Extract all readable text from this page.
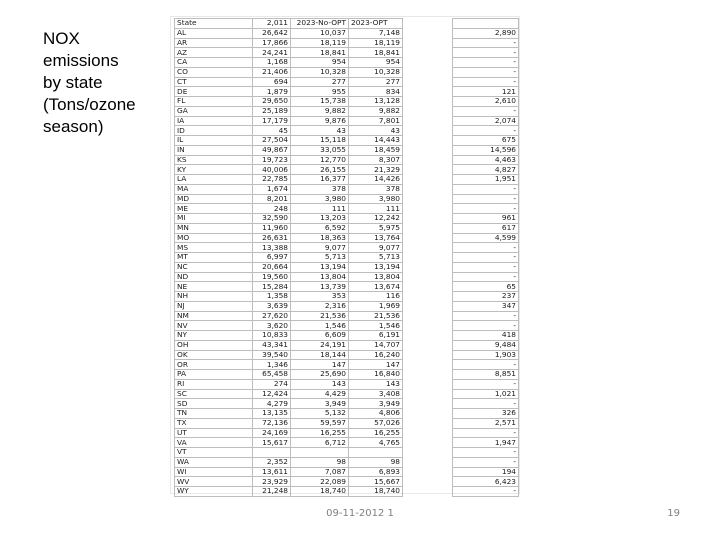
NOX
emissions
by state
(Tons/ozone
season)
State	2,011	2023-No-OPT	2023-OPT		
AL	26,642	10,037	7,148		2,890
AR	17,866	18,119	18,119		-
AZ	24,241	18,841	18,841		-
CA	1,168	954	954		-
CO	21,406	10,328	10,328		-
CT	694	277	277		-
DE	1,879	955	834		121
FL	29,650	15,738	13,128		2,610
GA	25,189	9,882	9,882		-
IA	17,179	9,876	7,801		2,074
ID	45	43	43		-
IL	27,504	15,118	14,443		675
IN	49,867	33,055	18,459		14,596
KS	19,723	12,770	8,307		4,463
KY	40,006	26,155	21,329		4,827
LA	22,785	16,377	14,426		1,951
MA	1,674	378	378		-
MD	8,201	3,980	3,980		-
ME	248	111	111		-
MI	32,590	13,203	12,242		961
MN	11,960	6,592	5,975		617
MO	26,631	18,363	13,764		4,599
MS	13,388	9,077	9,077		-
MT	6,997	5,713	5,713		-
NC	20,664	13,194	13,194		-
ND	19,560	13,804	13,804		-
NE	15,284	13,739	13,674		65
NH	1,358	353	116		237
NJ	3,639	2,316	1,969		347
NM	27,620	21,536	21,536		-
NV	3,620	1,546	1,546		-
NY	10,833	6,609	6,191		418
OH	43,341	24,191	14,707		9,484
OK	39,540	18,144	16,240		1,903
OR	1,346	147	147		-
PA	65,458	25,690	16,840		8,851
RI	274	143	143		-
SC	12,424	4,429	3,408		1,021
SD	4,279	3,949	3,949		-
TN	13,135	5,132	4,806		326
TX	72,136	59,597	57,026		2,571
UT	24,169	16,255	16,255		-
VA	15,617	6,712	4,765		1,947
VT					-
WA	2,352	98	98		-
WI	13,611	7,087	6,893		194
WV	23,929	22,089	15,667		6,423
WY	21,248	18,740	18,740		-
09-11-2012 1	19
